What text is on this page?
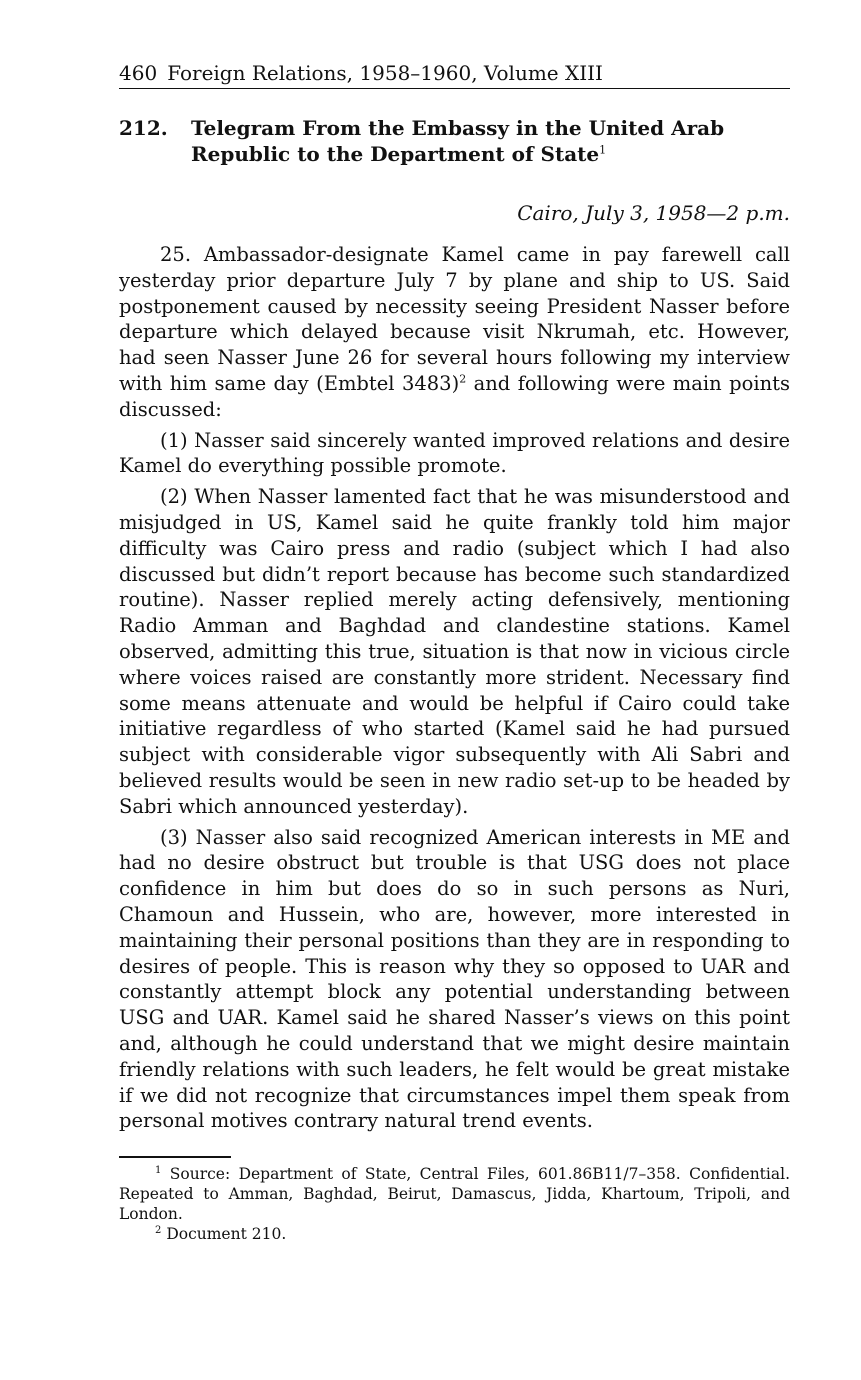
460 Foreign Relations, 1958–1960, Volume XIII
212.	Telegram From the Embassy in the United Arab Republic to the Department of State$^1$
Cairo, July 3, 1958—2 p.m.

25. Ambassador-designate Kamel came in pay farewell call yesterday prior departure July 7 by plane and ship to US. Said postponement caused by necessity seeing President Nasser before departure which delayed because visit Nkrumah, etc. However, had seen Nasser June 26 for several hours following my interview with him same day (Embtel 3483)$^2$ and following were main points discussed:

(1) Nasser said sincerely wanted improved relations and desire Kamel do everything possible promote.

(2) When Nasser lamented fact that he was misunderstood and misjudged in US, Kamel said he quite frankly told him major difficulty was Cairo press and radio (subject which I had also discussed but didn’t report because has become such standardized routine). Nasser replied merely acting defensively, mentioning Radio Amman and Baghdad and clandestine stations. Kamel observed, admitting this true, situation is that now in vicious circle where voices raised are constantly more strident. Necessary find some means attenuate and would be helpful if Cairo could take initiative regardless of who started (Kamel said he had pursued subject with considerable vigor subsequently with Ali Sabri and believed results would be seen in new radio set-up to be headed by Sabri which announced yesterday).

(3) Nasser also said recognized American interests in ME and had no desire obstruct but trouble is that USG does not place confidence in him but does do so in such persons as Nuri, Chamoun and Hussein, who are, however, more interested in maintaining their personal positions than they are in responding to desires of people. This is reason why they so opposed to UAR and constantly attempt block any potential understanding between USG and UAR. Kamel said he shared Nasser’s views on this point and, although he could understand that we might desire maintain friendly relations with such leaders, he felt would be great mistake if we did not recognize that circumstances impel them speak from personal motives contrary natural trend events.

$^1$ Source: Department of State, Central Files, 601.86B11/7–358. Confidential. Repeated to Amman, Baghdad, Beirut, Damascus, Jidda, Khartoum, Tripoli, and London.

$^2$ Document 210.
